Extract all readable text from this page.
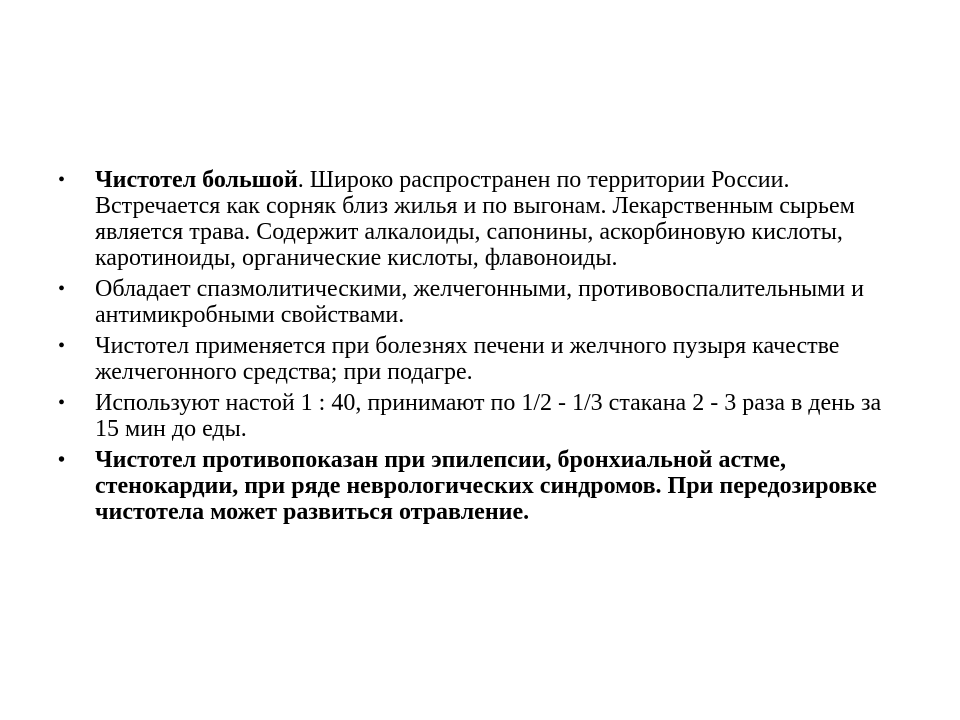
• Чистотел большой. Широко распространен по территории России. Встречается как сорняк близ жилья и по выгонам. Лекарственным сырьем является трава. Содержит алкалоиды, сапонины, аскорбиновую кислоты, каротиноиды, органические кислоты, флавоноиды.
• Обладает спазмолитическими, желчегонными, противовоспалительными и антимикробными свойствами.
• Чистотел применяется при болезнях печени и желчного пузыря качестве желчегонного средства; при подагре.
• Используют настой 1 : 40, принимают по 1/2 - 1/3 стакана 2 - 3 раза в день за 15 мин до еды.
• Чистотел противопоказан при эпилепсии, бронхиальной астме, стенокардии, при ряде неврологических синдромов. При передозировке чистотела может развиться отравление.
